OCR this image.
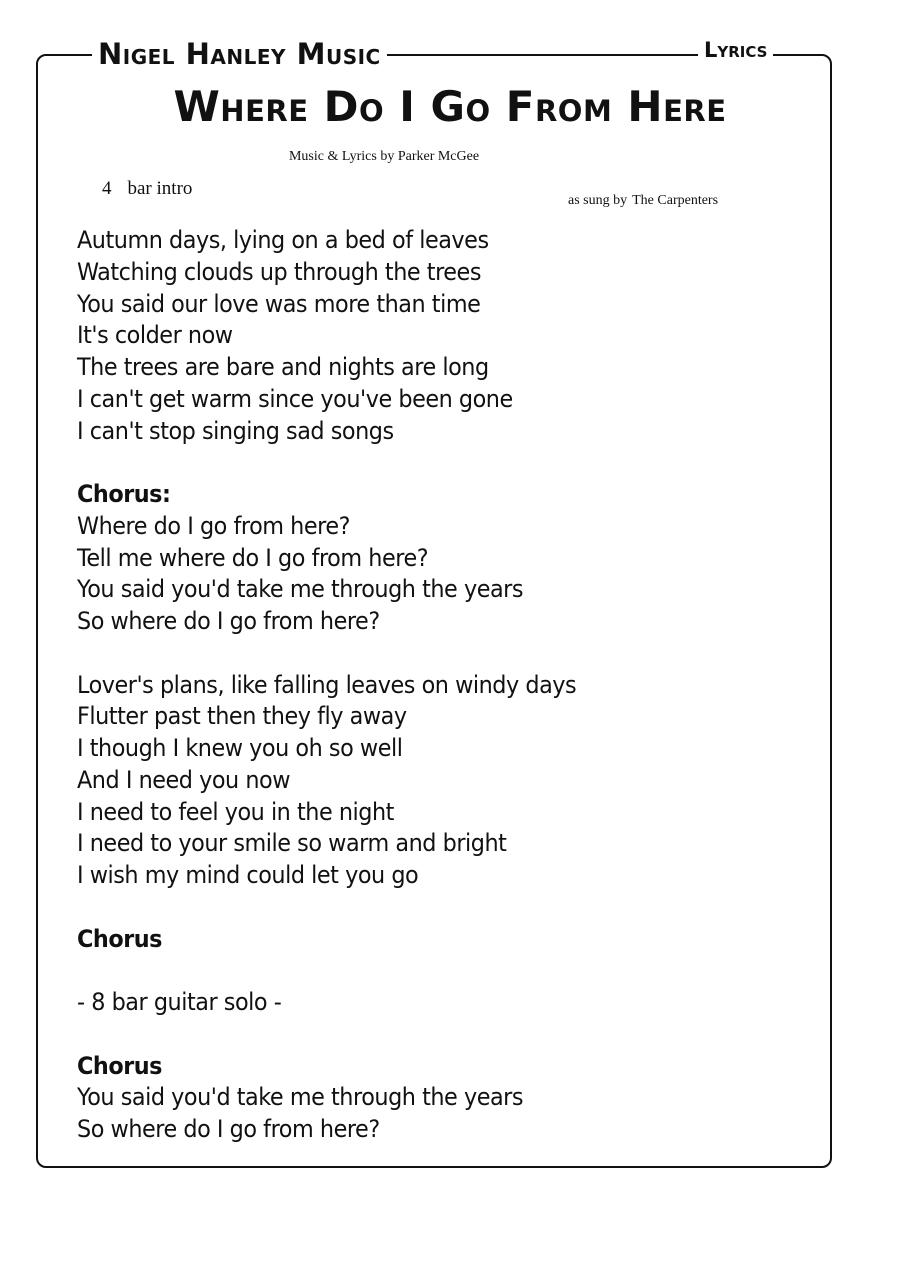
Nigel Hanley Music	Lyrics
Where Do I Go From Here
Music & Lyrics by Parker McGee
4 bar intro
as sung by The Carpenters
Autumn days, lying on a bed of leaves
Watching clouds up through the trees
You said our love was more than time
It's colder now
The trees are bare and nights are long
I can't get warm since you've been gone
I can't stop singing sad songs
Chorus:
Where do I go from here?
Tell me where do I go from here?
You said you'd take me through the years
So where do I go from here?
Lover's plans, like falling leaves on windy days
Flutter past then they fly away
I though I knew you oh so well
And I need you now
I need to feel you in the night
I need to your smile so warm and bright
I wish my mind could let you go
Chorus
- 8 bar guitar solo -
Chorus
You said you'd take me through the years
So where do I go from here?
